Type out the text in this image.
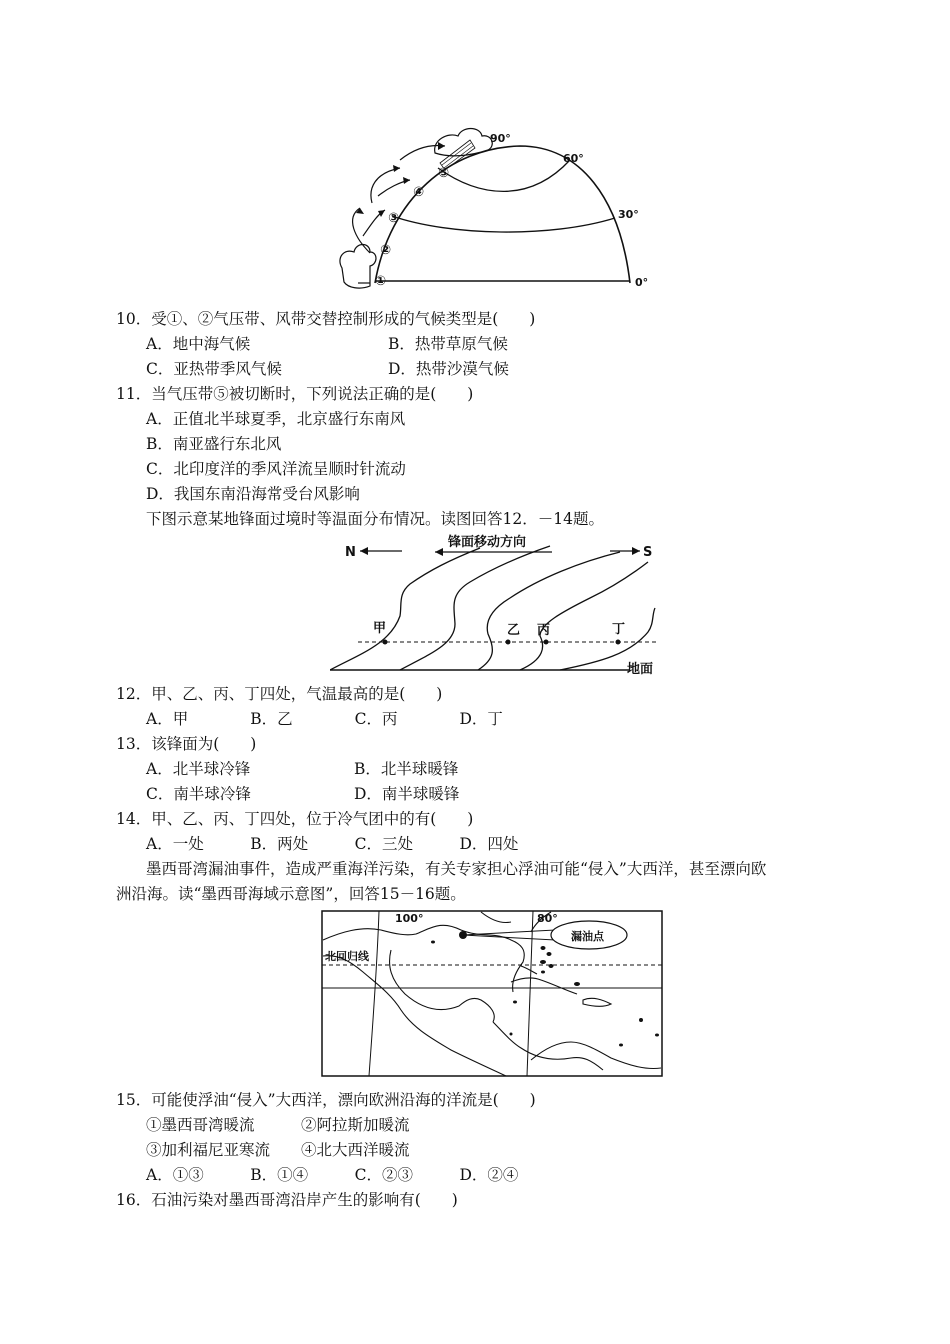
90°
60°
30°
0°
①
②
③
④
⑤
10．受①、②气压带、风带交替控制形成的气候类型是(　　)
A．地中海气候	B．热带草原气候
C．亚热带季风气候	D．热带沙漠气候
11．当气压带⑤被切断时，下列说法正确的是(　　)
A．正值北半球夏季，北京盛行东南风
B．南亚盛行东北风
C．北印度洋的季风洋流呈顺时针流动
D．我国东南沿海常受台风影响
下图示意某地锋面过境时等温面分布情况。读图回答12．－14题。
N
锋面移动方向
S
甲	乙 丙	丁
地面
12．甲、乙、丙、丁四处，气温最高的是(　　)
A．甲　　　　B．乙　　　　C．丙　　　　D．丁
13．该锋面为(　　)
A．北半球冷锋	B．北半球暖锋
C．南半球冷锋	D．南半球暖锋
14．甲、乙、丙、丁四处，位于冷气团中的有(　　)
A．一处　　　B．两处　　　C．三处　　　D．四处
墨西哥湾漏油事件，造成严重海洋污染，有关专家担心浮油可能“侵入”大西洋，甚至漂向欧
洲沿海。读“墨西哥海域示意图”，回答15－16题。
漏油点
100°	80°
北回归线
15．可能使浮油“侵入”大西洋，漂向欧洲沿海的洋流是(　　)
①墨西哥湾暖流　　　②阿拉斯加暖流
③加利福尼亚寒流　　④北大西洋暖流
A．①③　　　B．①④　　　C．②③　　　D．②④
16．石油污染对墨西哥湾沿岸产生的影响有(　　)
